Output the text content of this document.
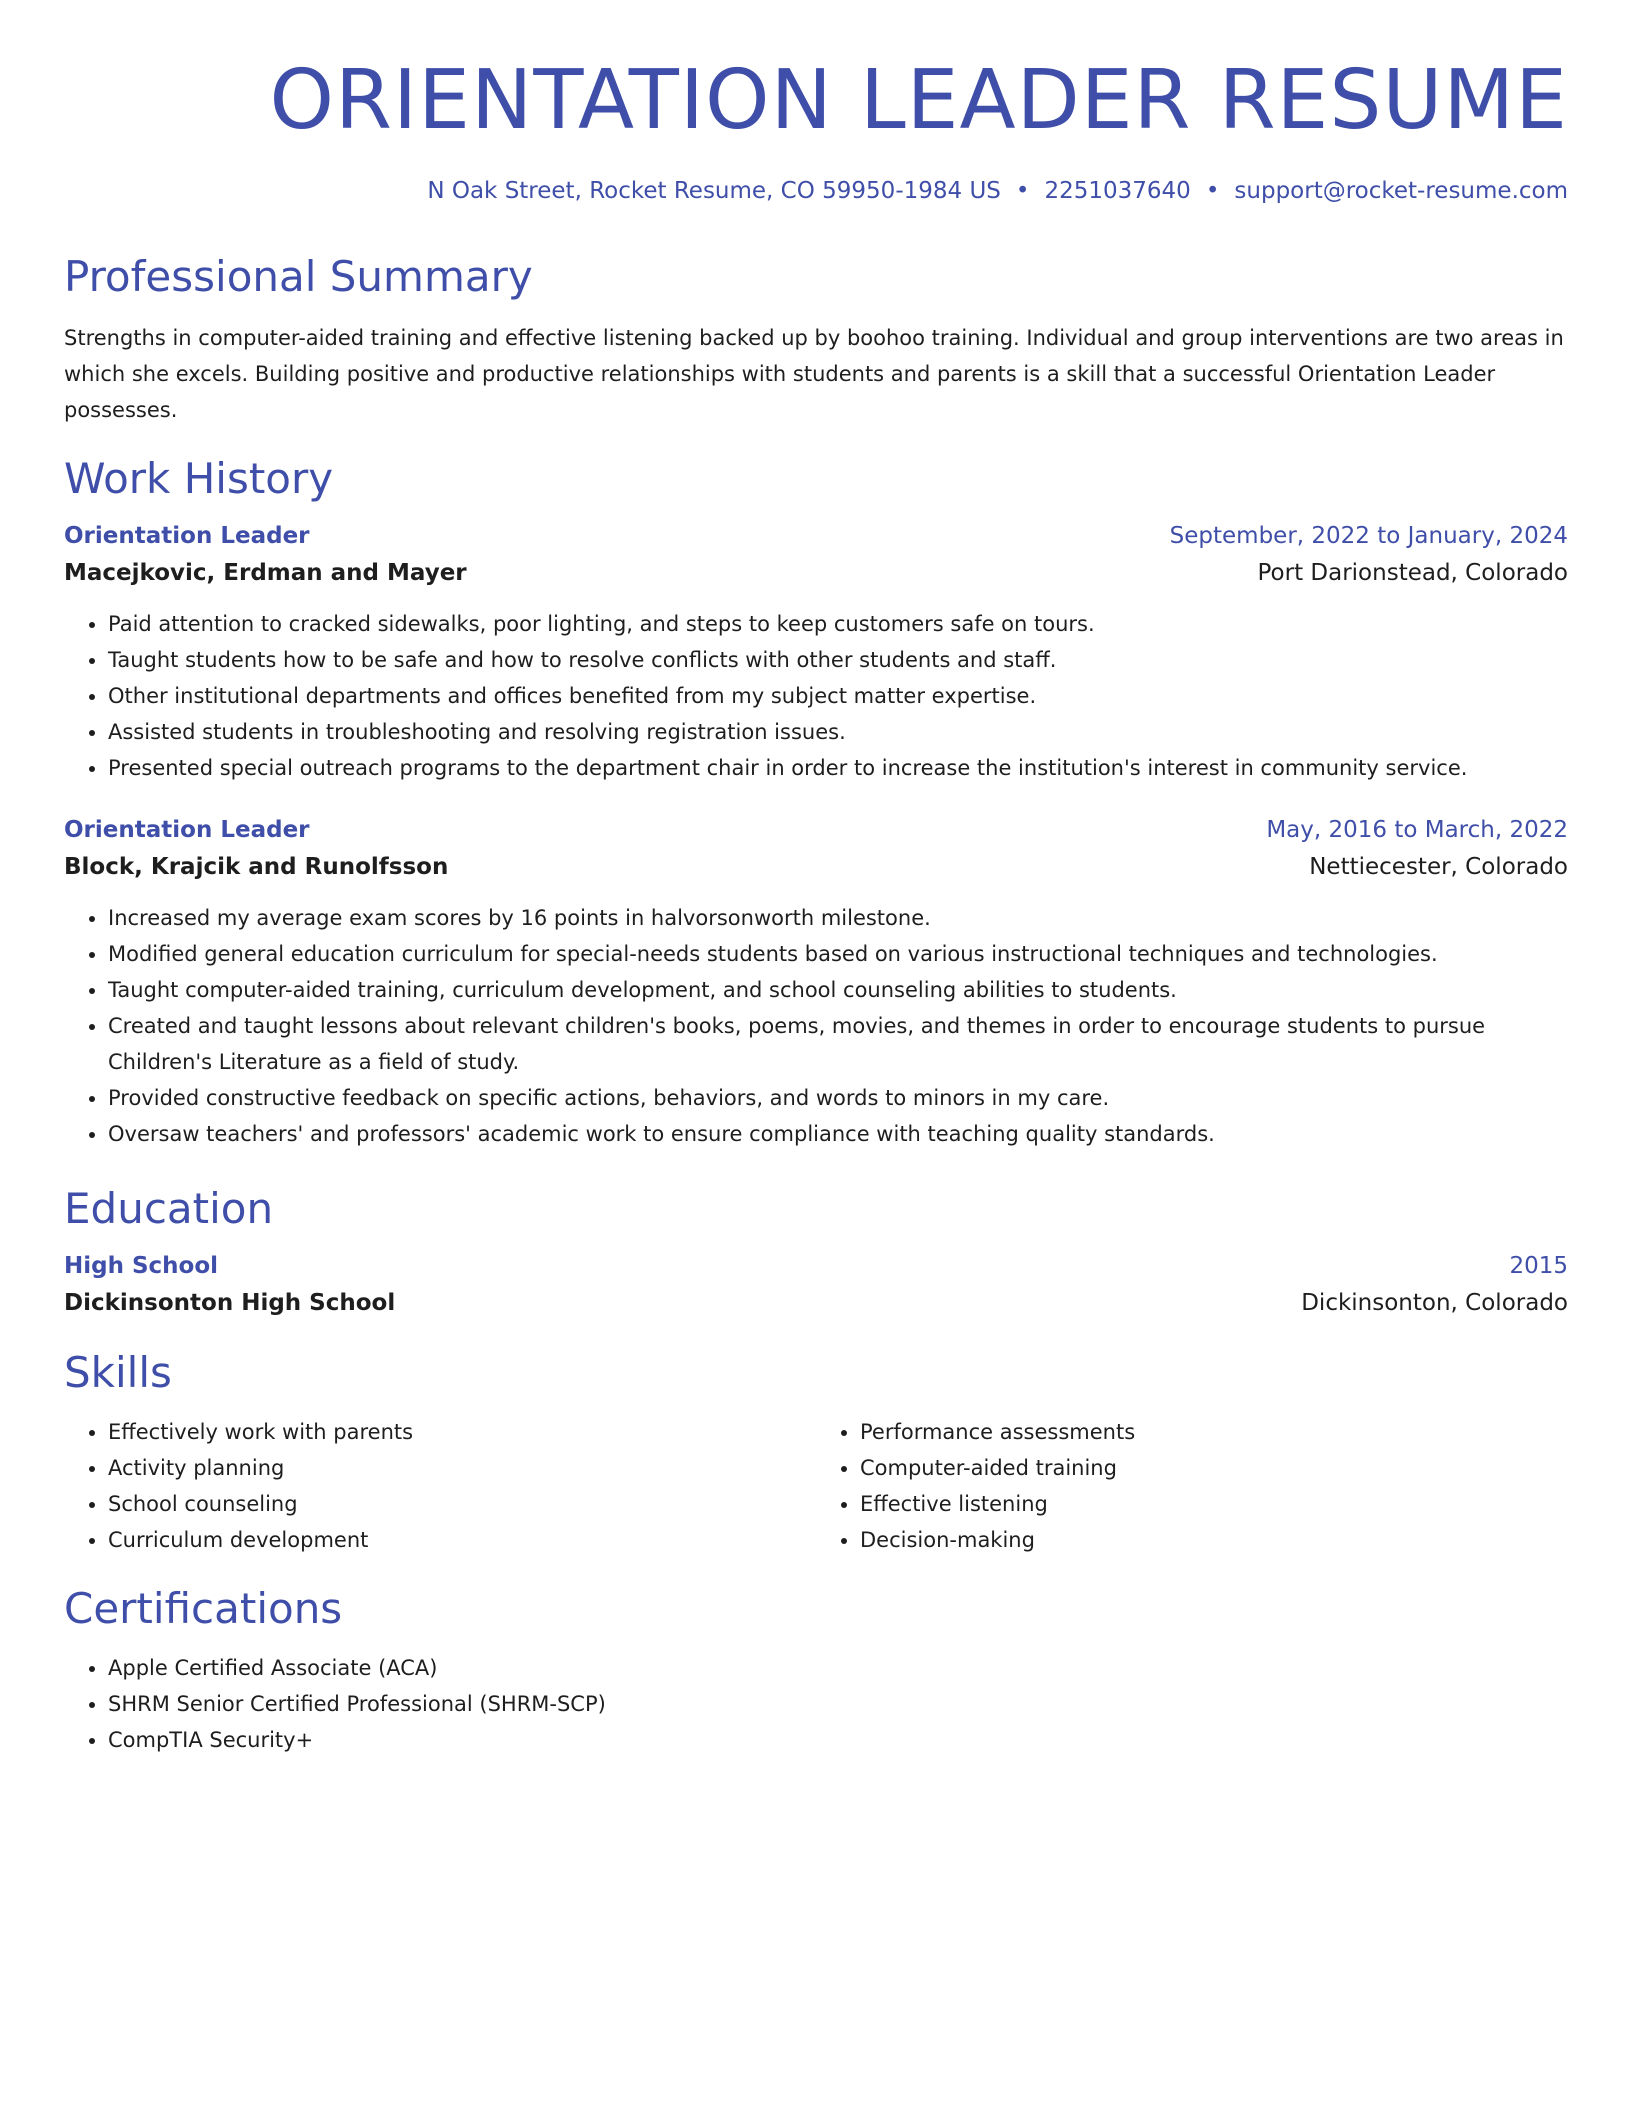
ORIENTATION LEADER RESUME
N Oak Street, Rocket Resume, CO 59950-1984 US • 2251037640 • support@rocket-resume.com
Professional Summary

Strengths in computer-aided training and effective listening backed up by boohoo training. Individual and group interventions are two areas in which she excels. Building positive and productive relationships with students and parents is a skill that a successful Orientation Leader possesses.

Work History
Orientation Leader	September, 2022 to January, 2024
Macejkovic, Erdman and Mayer	Port Darionstead, Colorado
• Paid attention to cracked sidewalks, poor lighting, and steps to keep customers safe on tours.
• Taught students how to be safe and how to resolve conflicts with other students and staff.
• Other institutional departments and offices benefited from my subject matter expertise.
• Assisted students in troubleshooting and resolving registration issues.
• Presented special outreach programs to the department chair in order to increase the institution's interest in community service.
Orientation Leader	May, 2016 to March, 2022
Block, Krajcik and Runolfsson	Nettiecester, Colorado
• Increased my average exam scores by 16 points in halvorsonworth milestone.
• Modified general education curriculum for special-needs students based on various instructional techniques and technologies.
• Taught computer-aided training, curriculum development, and school counseling abilities to students.
• Created and taught lessons about relevant children's books, poems, movies, and themes in order to encourage students to pursue Children's Literature as a field of study.
• Provided constructive feedback on specific actions, behaviors, and words to minors in my care.
• Oversaw teachers' and professors' academic work to ensure compliance with teaching quality standards.
Education
High School	2015
Dickinsonton High School	Dickinsonton, Colorado
Skills
• Effectively work with parents
• Activity planning
• School counseling
• Curriculum development
• Performance assessments
• Computer-aided training
• Effective listening
• Decision-making
Certifications
• Apple Certified Associate (ACA)
• SHRM Senior Certified Professional (SHRM-SCP)
• CompTIA Security+
